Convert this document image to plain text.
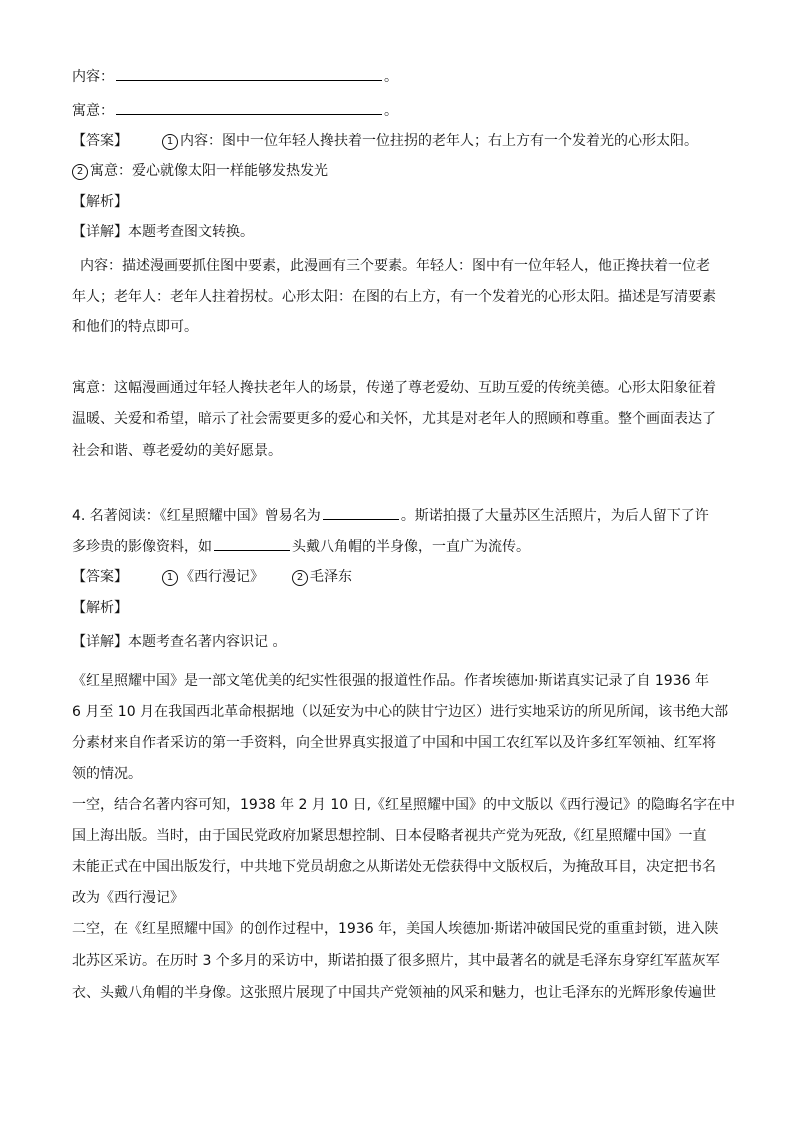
内容：	。
寓意：	。
【答案】	1 内容：图中一位年轻人搀扶着一位拄拐的老年人；右上方有一个发着光的心形太阳。
2 寓意：爱心就像太阳一样能够发热发光
【解析】
【详解】本题考查图文转换。
内容：描述漫画要抓住图中要素，此漫画有三个要素。年轻人：图中有一位年轻人，他正搀扶着一位老
年人；老年人：老年人拄着拐杖。心形太阳：在图的右上方，有一个发着光的心形太阳。描述是写清要素
和他们的特点即可。
寓意：这幅漫画通过年轻人搀扶老年人的场景，传递了尊老爱幼、互助互爱的传统美德。心形太阳象征着
温暖、关爱和希望，暗示了社会需要更多的爱心和关怀，尤其是对老年人的照顾和尊重。整个画面表达了
社会和谐、尊老爱幼的美好愿景。
4. 名著阅读：《红星照耀中国》曾易名为	。斯诺拍摄了大量苏区生活照片，为后人留下了许
多珍贵的影像资料，如	头戴八角帽的半身像，一直广为流传。
【答案】	1 《西行漫记》	2 毛泽东
【解析】
【详解】本题考查名著内容识记 。
《红星照耀中国》是一部文笔优美的纪实性很强的报道性作品。作者埃德加·斯诺真实记录了自 1936 年
6 月至 10 月在我国西北革命根据地（以延安为中心的陕甘宁边区）进行实地采访的所见所闻，该书绝大部
分素材来自作者采访的第一手资料，向全世界真实报道了中国和中国工农红军以及许多红军领袖、红军将
领的情况。
一空，结合名著内容可知，1938 年 2 月 10 日,《红星照耀中国》的中文版以《西行漫记》的隐晦名字在中
国上海出版。当时，由于国民党政府加紧思想控制、日本侵略者视共产党为死敌,《红星照耀中国》一直
未能正式在中国出版发行，中共地下党员胡愈之从斯诺处无偿获得中文版权后，为掩敌耳目，决定把书名
改为《西行漫记》
二空，在《红星照耀中国》的创作过程中，1936 年，美国人埃德加·斯诺冲破国民党的重重封锁，进入陕
北苏区采访。在历时 3 个多月的采访中，斯诺拍摄了很多照片，其中最著名的就是毛泽东身穿红军蓝灰军
衣、头戴八角帽的半身像。这张照片展现了中国共产党领袖的风采和魅力，也让毛泽东的光辉形象传遍世
